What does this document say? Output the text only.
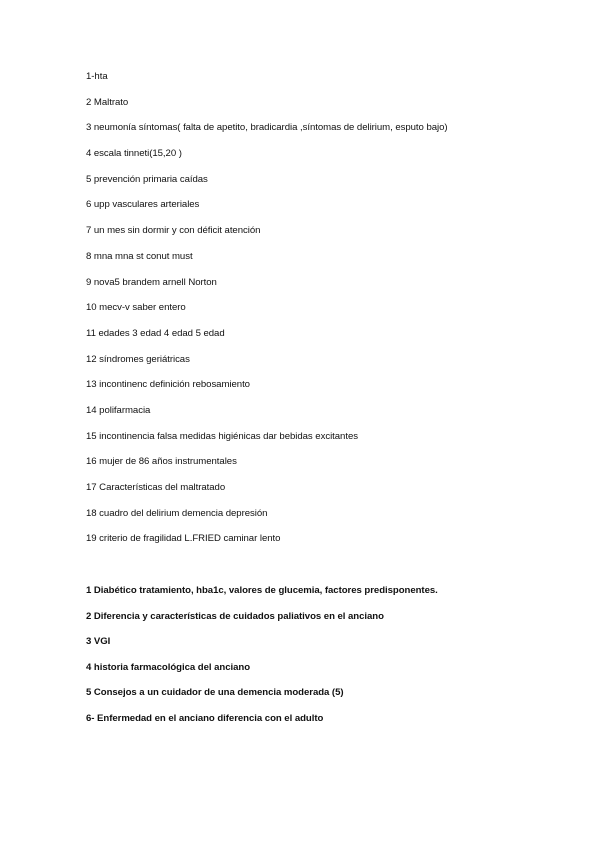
1-hta
2 Maltrato
3 neumonía síntomas( falta de apetito, bradicardia ,síntomas de delirium, esputo bajo)
4 escala tinneti(15,20 )
5 prevención primaria caídas
6 upp vasculares arteriales
7 un mes sin dormir y con déficit atención
8 mna mna st conut must
9 nova5 brandem arnell Norton
10 mecv-v saber entero
11 edades 3 edad 4 edad 5 edad
12 síndromes geriátricas
13 incontinenc definición rebosamiento
14 polifarmacia
15 incontinencia falsa medidas higiénicas dar bebidas excitantes
16 mujer de 86 años instrumentales
17 Características del maltratado
18 cuadro del delirium demencia depresión
19 criterio de fragilidad L.FRIED caminar lento
1 Diabético tratamiento, hba1c, valores de glucemia, factores predisponentes.
2 Diferencia y características de cuidados paliativos en el anciano
3 VGI
4 historia farmacológica del anciano
5 Consejos a un cuidador de una demencia moderada (5)
6- Enfermedad en el anciano diferencia con el adulto
